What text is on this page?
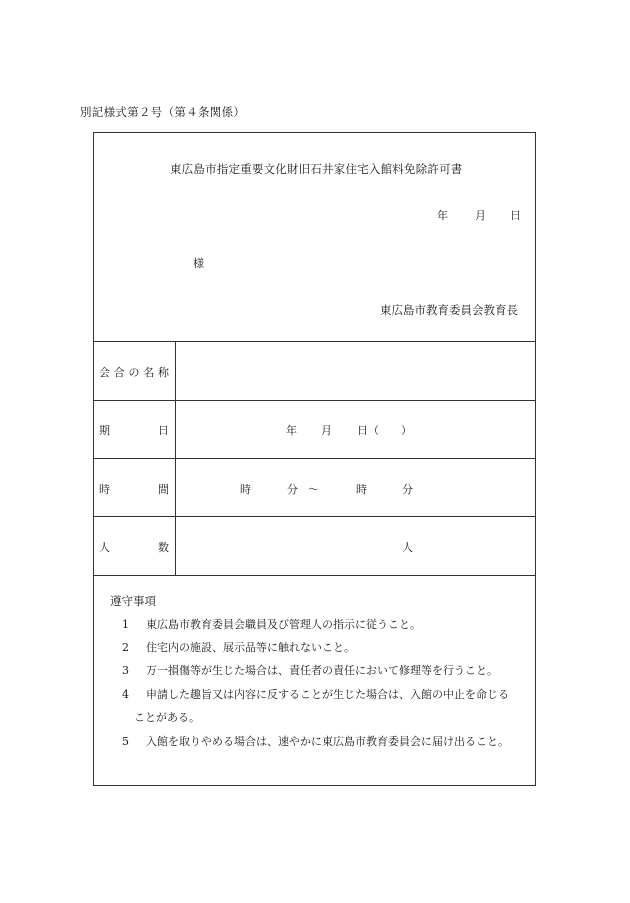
別記様式第２号（第４条関係）
東広島市指定重要文化財旧石井家住宅入館料免除許可書
年 月 日
様
東広島市教育委員会教育長
会 合 の 名 称
期	日	年 月 日（ ）
時	間	時	分 ～	時	分
人	数	人
遵守事項
1 東広島市教育委員会職員及び管理人の指示に従うこと。
2 住宅内の施設、展示品等に触れないこと。
3 万一損傷等が生じた場合は、責任者の責任において修理等を行うこと。
4 申請した趣旨又は内容に反することが生じた場合は、入館の中止を命じる
ことがある。
5 入館を取りやめる場合は、速やかに東広島市教育委員会に届け出ること。
